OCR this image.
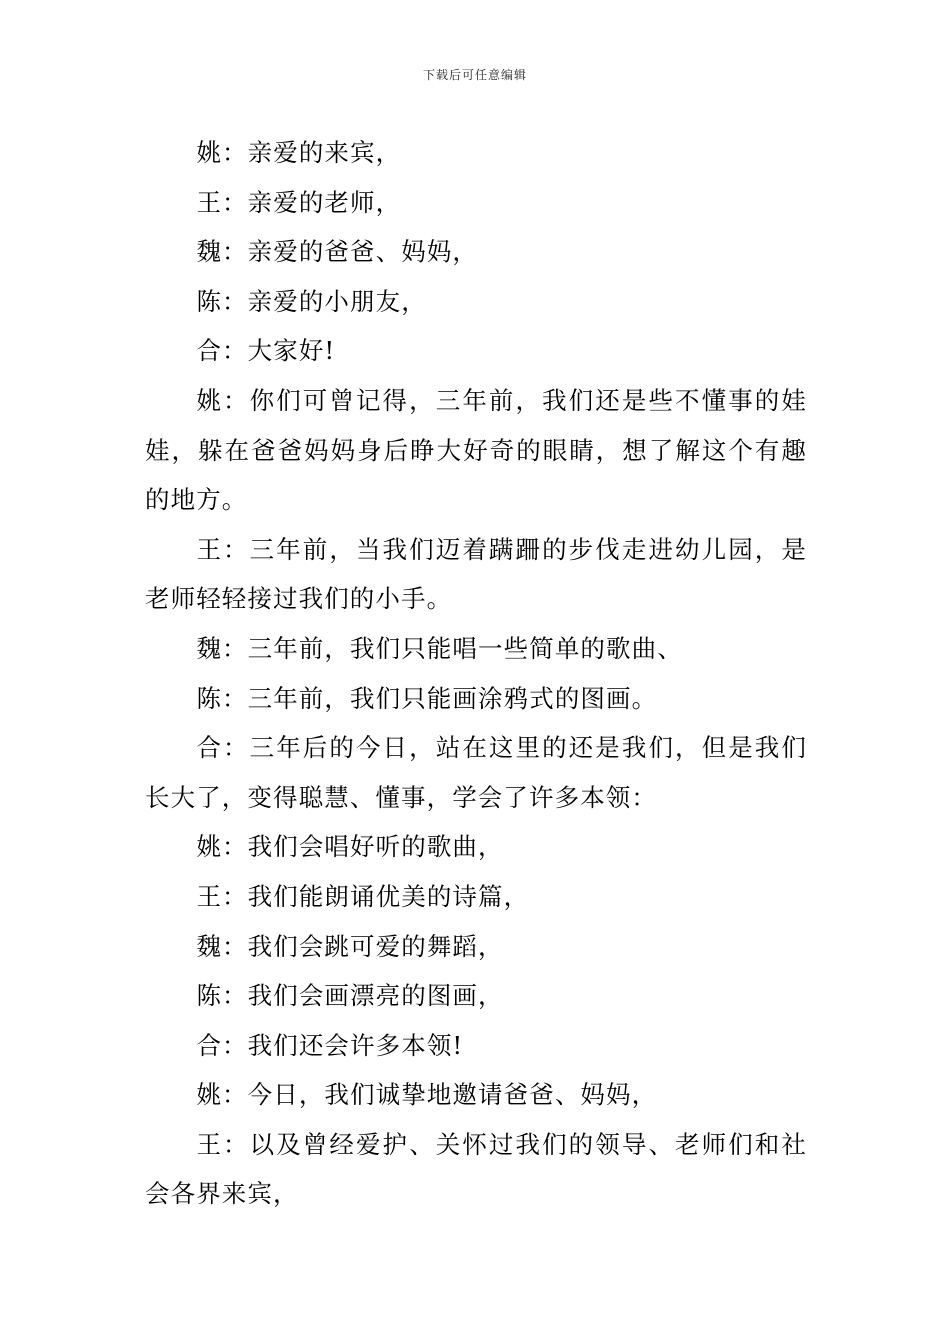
下载后可任意编辑

姚：亲爱的来宾，

王：亲爱的老师，

魏：亲爱的爸爸、妈妈，

陈：亲爱的小朋友，

合：大家好!

姚：你们可曾记得，三年前，我们还是些不懂事的娃娃，躲在爸爸妈妈身后睁大好奇的眼睛，想了解这个有趣的地方。

王：三年前，当我们迈着蹒跚的步伐走进幼儿园，是老师轻轻接过我们的小手。

魏：三年前，我们只能唱一些简单的歌曲、

陈：三年前，我们只能画涂鸦式的图画。

合：三年后的今日，站在这里的还是我们，但是我们长大了，变得聪慧、懂事，学会了许多本领：

姚：我们会唱好听的歌曲，

王：我们能朗诵优美的诗篇，

魏：我们会跳可爱的舞蹈，

陈：我们会画漂亮的图画，

合：我们还会许多本领!

姚：今日，我们诚挚地邀请爸爸、妈妈，

王：以及曾经爱护、关怀过我们的领导、老师们和社会各界来宾，
